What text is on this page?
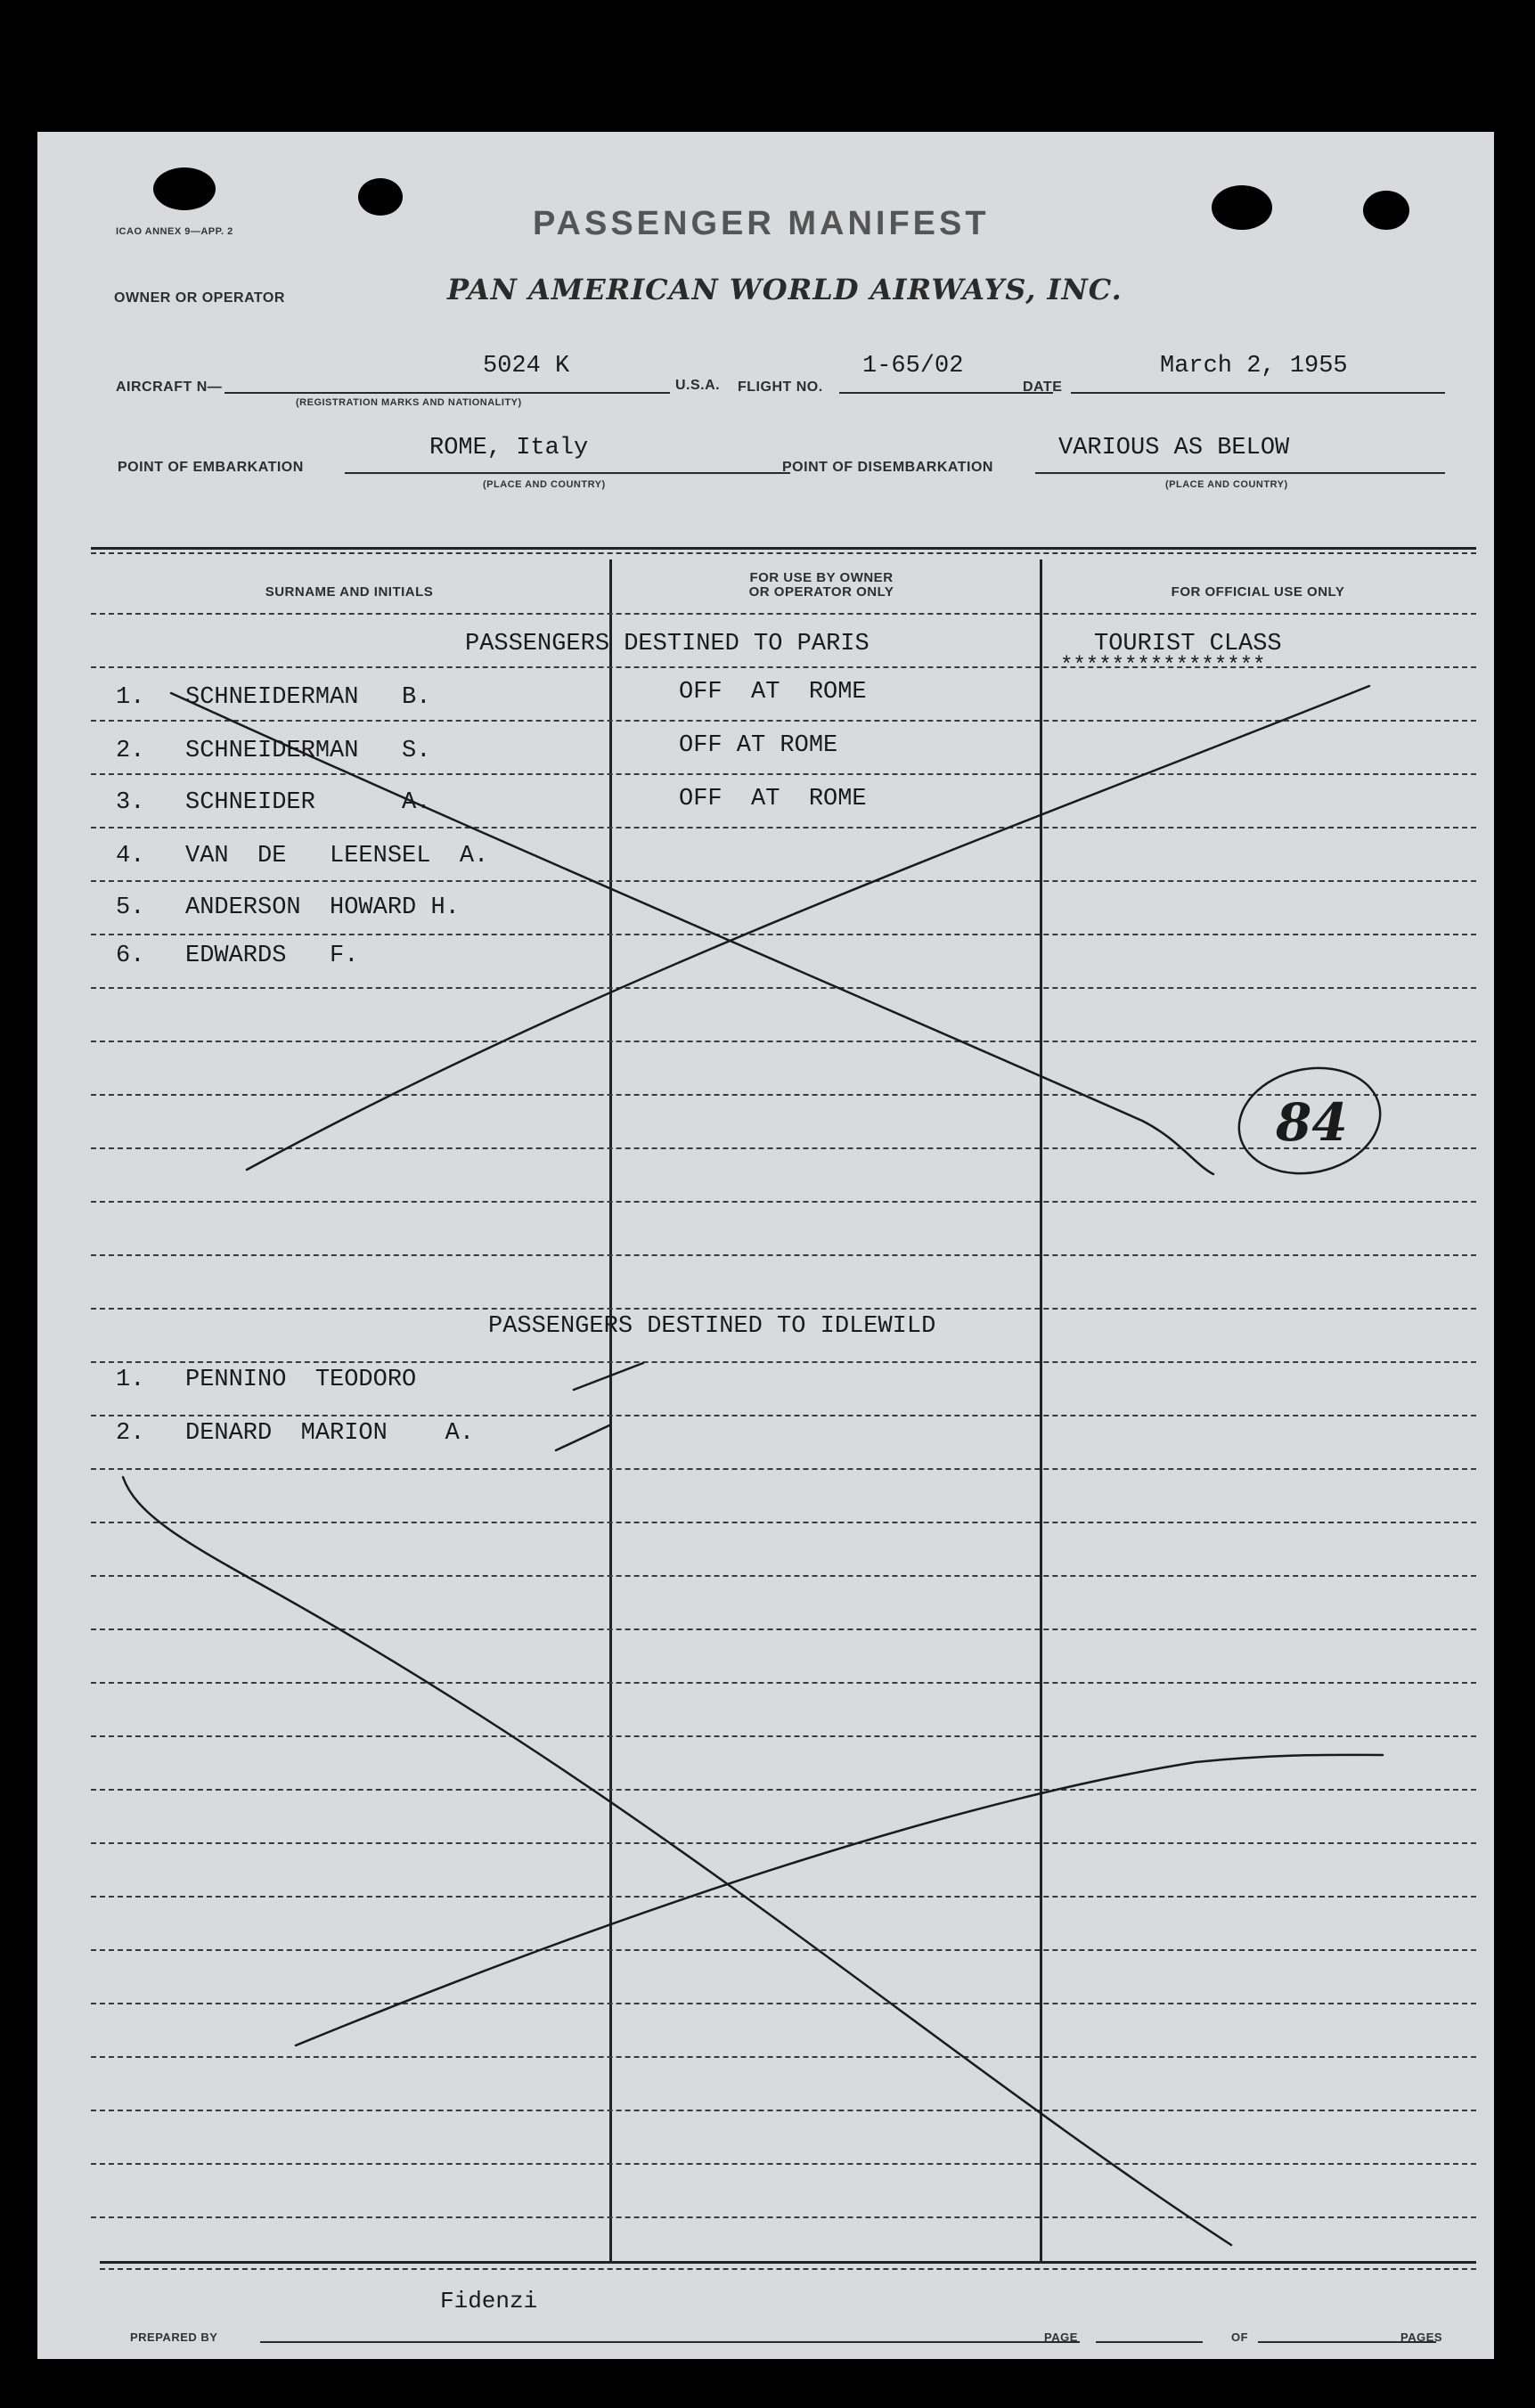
ICAO ANNEX 9—APP. 2	PASSENGER MANIFEST
OWNER OR OPERATOR	PAN AMERICAN WORLD AIRWAYS, INC.
AIRCRAFT N—
5024 K
(REGISTRATION MARKS AND NATIONALITY)
U.S.A. FLIGHT NO.
1-65/02
DATE
March 2, 1955
POINT OF EMBARKATION
ROME, Italy
(PLACE AND COUNTRY)
POINT OF DISEMBARKATION
VARIOUS AS BELOW
(PLACE AND COUNTRY)
SURNAME AND INITIALS
FOR USE BY OWNER
OR OPERATOR ONLY	FOR OFFICIAL USE ONLY
PASSENGERS DESTINED TO PARIS	TOURIST CLASS
****************
1. SCHNEIDERMAN   B.	OFF  AT  ROME
2. SCHNEIDERMAN   S.	OFF AT ROME
3. SCHNEIDER      A.	OFF  AT  ROME
4. VAN  DE   LEENSEL  A.
5. ANDERSON  HOWARD H.
6. EDWARDS   F.
PASSENGERS DESTINED TO IDLEWILD
1. PENNINO  TEODORO
2. DENARD  MARION    A.
Fidenzi
PREPARED BY	PAGE	OF	PAGES
84
